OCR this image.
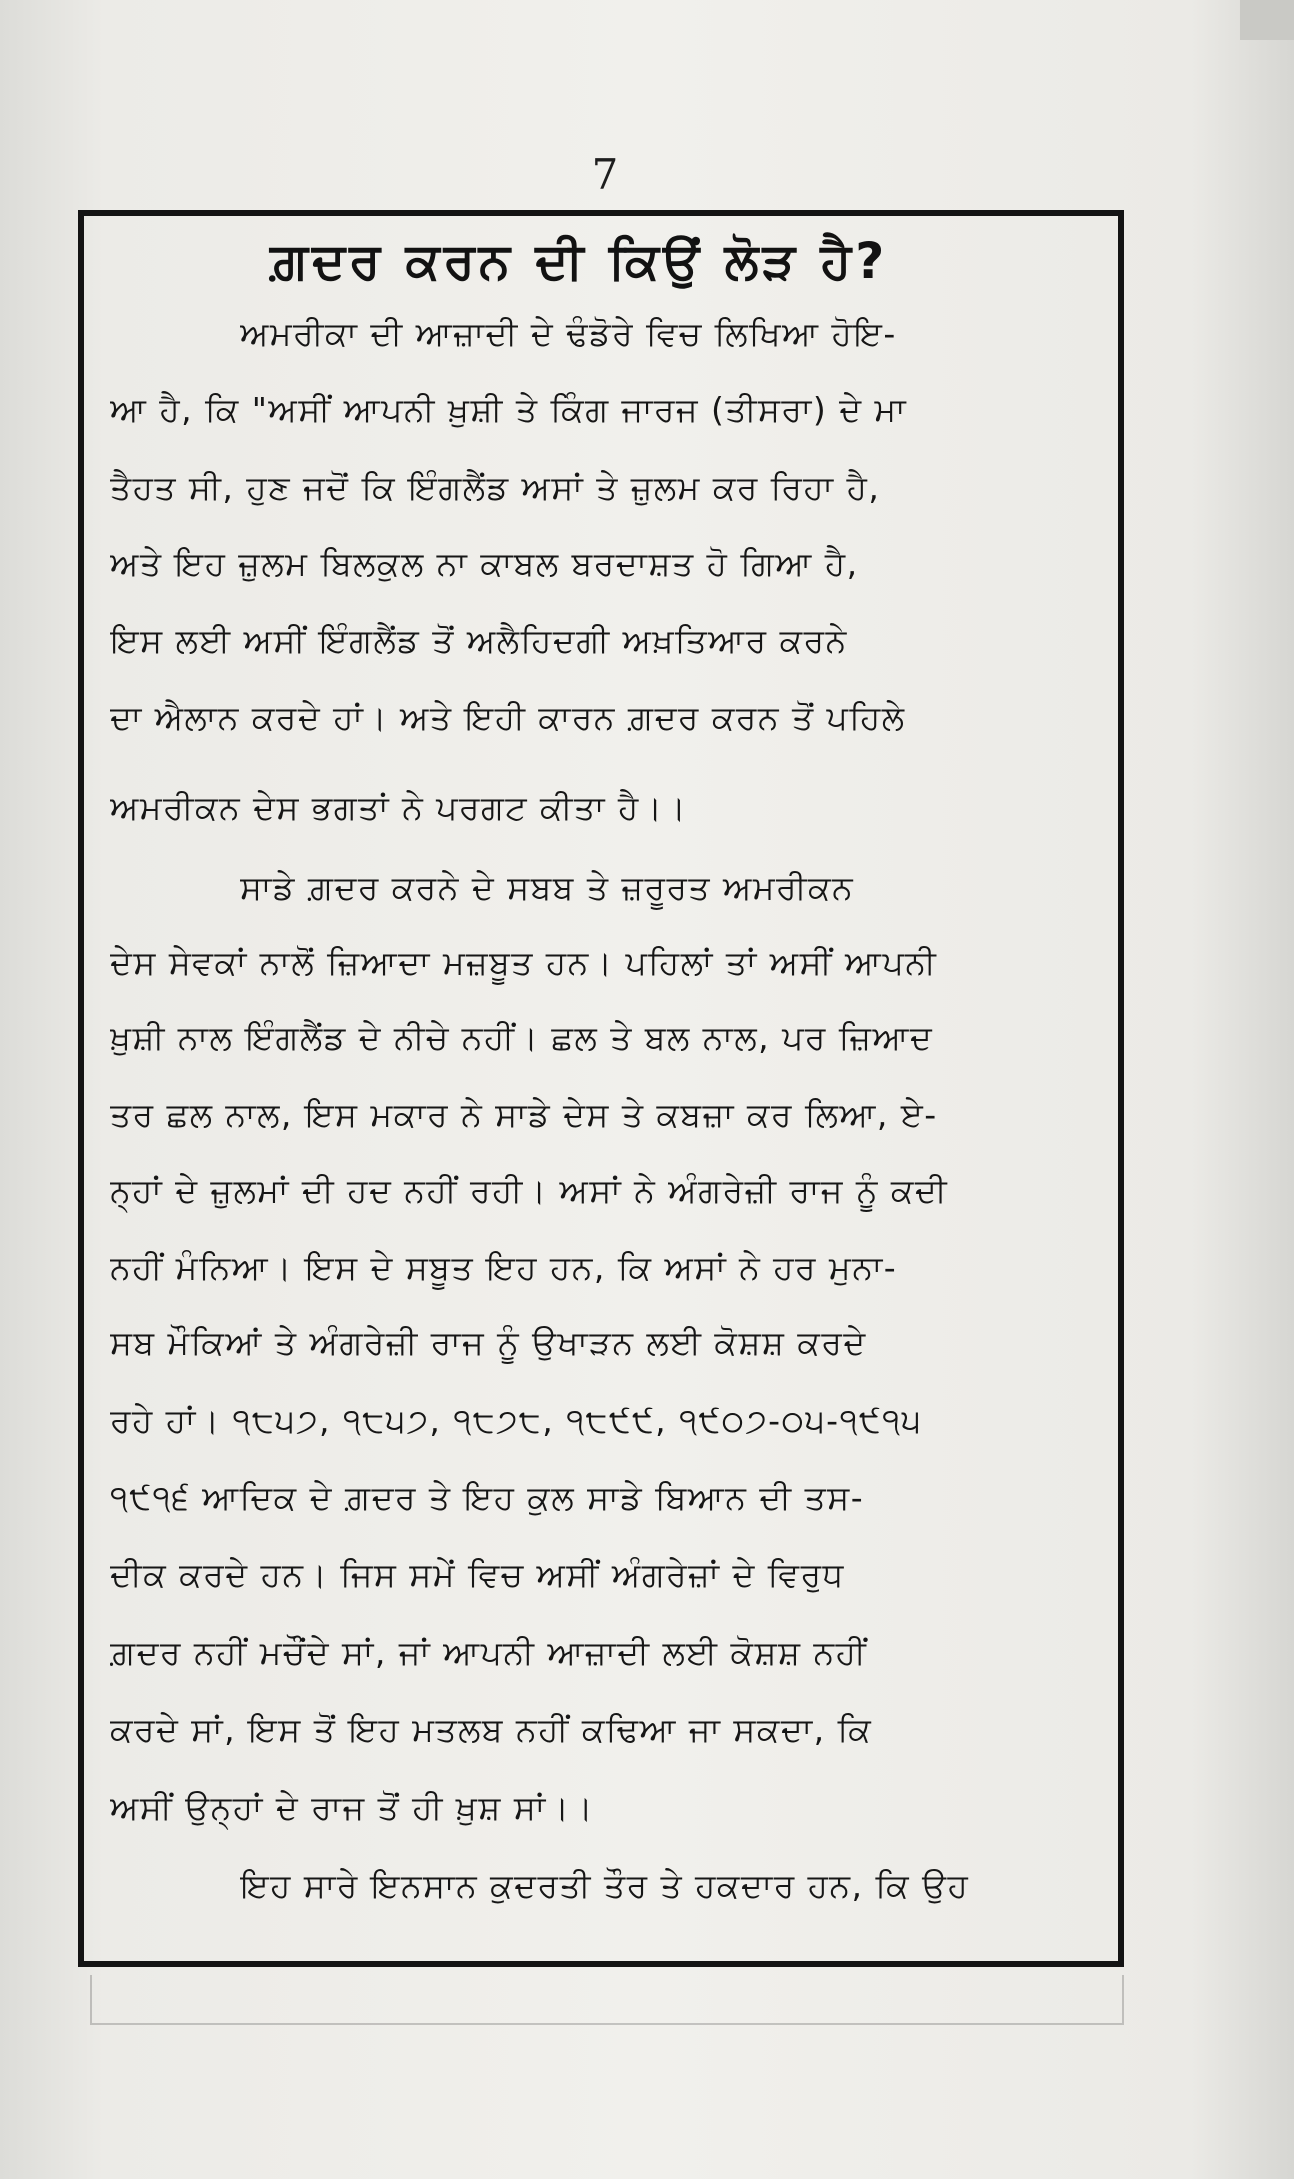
7
ਗ਼ਦਰ ਕਰਨ ਦੀ ਕਿਉਂ ਲੋੜ ਹੈ?
ਅਮਰੀਕਾ ਦੀ ਆਜ਼ਾਦੀ ਦੇ ਢੰਡੋਰੇ ਵਿਚ ਲਿਖਿਆ ਹੋਇ-
ਆ ਹੈ, ਕਿ "ਅਸੀਂ ਆਪਨੀ ਖ਼ੁਸ਼ੀ ਤੇ ਕਿੰਗ ਜਾਰਜ (ਤੀਸਰਾ) ਦੇ ਮਾ
ਤੈਹਤ ਸੀ, ਹੁਣ ਜਦੋਂ ਕਿ ਇੰਗਲੈਂਡ ਅਸਾਂ ਤੇ ਜ਼ੁਲਮ ਕਰ ਰਿਹਾ ਹੈ,
ਅਤੇ ਇਹ ਜ਼ੁਲਮ ਬਿਲਕੁਲ ਨਾ ਕਾਬਲ ਬਰਦਾਸ਼ਤ ਹੋ ਗਿਆ ਹੈ,
ਇਸ ਲਈ ਅਸੀਂ ਇੰਗਲੈਂਡ ਤੋਂ ਅਲੈਹਿਦਗੀ ਅਖ਼ਤਿਆਰ ਕਰਨੇ
ਦਾ ਐਲਾਨ ਕਰਦੇ ਹਾਂ। ਅਤੇ ਇਹੀ ਕਾਰਨ ਗ਼ਦਰ ਕਰਨ ਤੋਂ ਪਹਿਲੇ
ਅਮਰੀਕਨ ਦੇਸ ਭਗਤਾਂ ਨੇ ਪਰਗਟ ਕੀਤਾ ਹੈ।।
ਸਾਡੇ ਗ਼ਦਰ ਕਰਨੇ ਦੇ ਸਬਬ ਤੇ ਜ਼ਰੂਰਤ ਅਮਰੀਕਨ
ਦੇਸ ਸੇਵਕਾਂ ਨਾਲੋਂ ਜ਼ਿਆਦਾ ਮਜ਼ਬੂਤ ਹਨ। ਪਹਿਲਾਂ ਤਾਂ ਅਸੀਂ ਆਪਨੀ
ਖ਼ੁਸ਼ੀ ਨਾਲ ਇੰਗਲੈਂਡ ਦੇ ਨੀਚੇ ਨਹੀਂ। ਛਲ ਤੇ ਬਲ ਨਾਲ, ਪਰ ਜ਼ਿਆਦ
ਤਰ ਛਲ ਨਾਲ, ਇਸ ਮਕਾਰ ਨੇ ਸਾਡੇ ਦੇਸ ਤੇ ਕਬਜ਼ਾ ਕਰ ਲਿਆ, ਏ-
ਨ੍ਹਾਂ ਦੇ ਜ਼ੁਲਮਾਂ ਦੀ ਹਦ ਨਹੀਂ ਰਹੀ। ਅਸਾਂ ਨੇ ਅੰਗਰੇਜ਼ੀ ਰਾਜ ਨੂੰ ਕਦੀ
ਨਹੀਂ ਮੰਨਿਆ। ਇਸ ਦੇ ਸਬੂਤ ਇਹ ਹਨ, ਕਿ ਅਸਾਂ ਨੇ ਹਰ ਮੁਨਾ-
ਸਬ ਮੌਕਿਆਂ ਤੇ ਅੰਗਰੇਜ਼ੀ ਰਾਜ ਨੂੰ ਉਖਾੜਨ ਲਈ ਕੋਸ਼ਸ਼ ਕਰਦੇ
ਰਹੇ ਹਾਂ। ੧੮੫੭, ੧੮੫੭, ੧੮੭੮, ੧੮੯੯, ੧੯੦੭-੦੫-੧੯੧੫
੧੯੧੬ ਆਦਿਕ ਦੇ ਗ਼ਦਰ ਤੇ ਇਹ ਕੁਲ ਸਾਡੇ ਬਿਆਨ ਦੀ ਤਸ-
ਦੀਕ ਕਰਦੇ ਹਨ। ਜਿਸ ਸਮੇਂ ਵਿਚ ਅਸੀਂ ਅੰਗਰੇਜ਼ਾਂ ਦੇ ਵਿਰੁਧ
ਗ਼ਦਰ ਨਹੀਂ ਮਚੌਂਦੇ ਸਾਂ, ਜਾਂ ਆਪਨੀ ਆਜ਼ਾਦੀ ਲਈ ਕੋਸ਼ਸ਼ ਨਹੀਂ
ਕਰਦੇ ਸਾਂ, ਇਸ ਤੋਂ ਇਹ ਮਤਲਬ ਨਹੀਂ ਕਢਿਆ ਜਾ ਸਕਦਾ, ਕਿ
ਅਸੀਂ ਉਨ੍ਹਾਂ ਦੇ ਰਾਜ ਤੋਂ ਹੀ ਖ਼ੁਸ਼ ਸਾਂ।।
ਇਹ ਸਾਰੇ ਇਨਸਾਨ ਕੁਦਰਤੀ ਤੌਰ ਤੇ ਹਕਦਾਰ ਹਨ, ਕਿ ਉਹ
